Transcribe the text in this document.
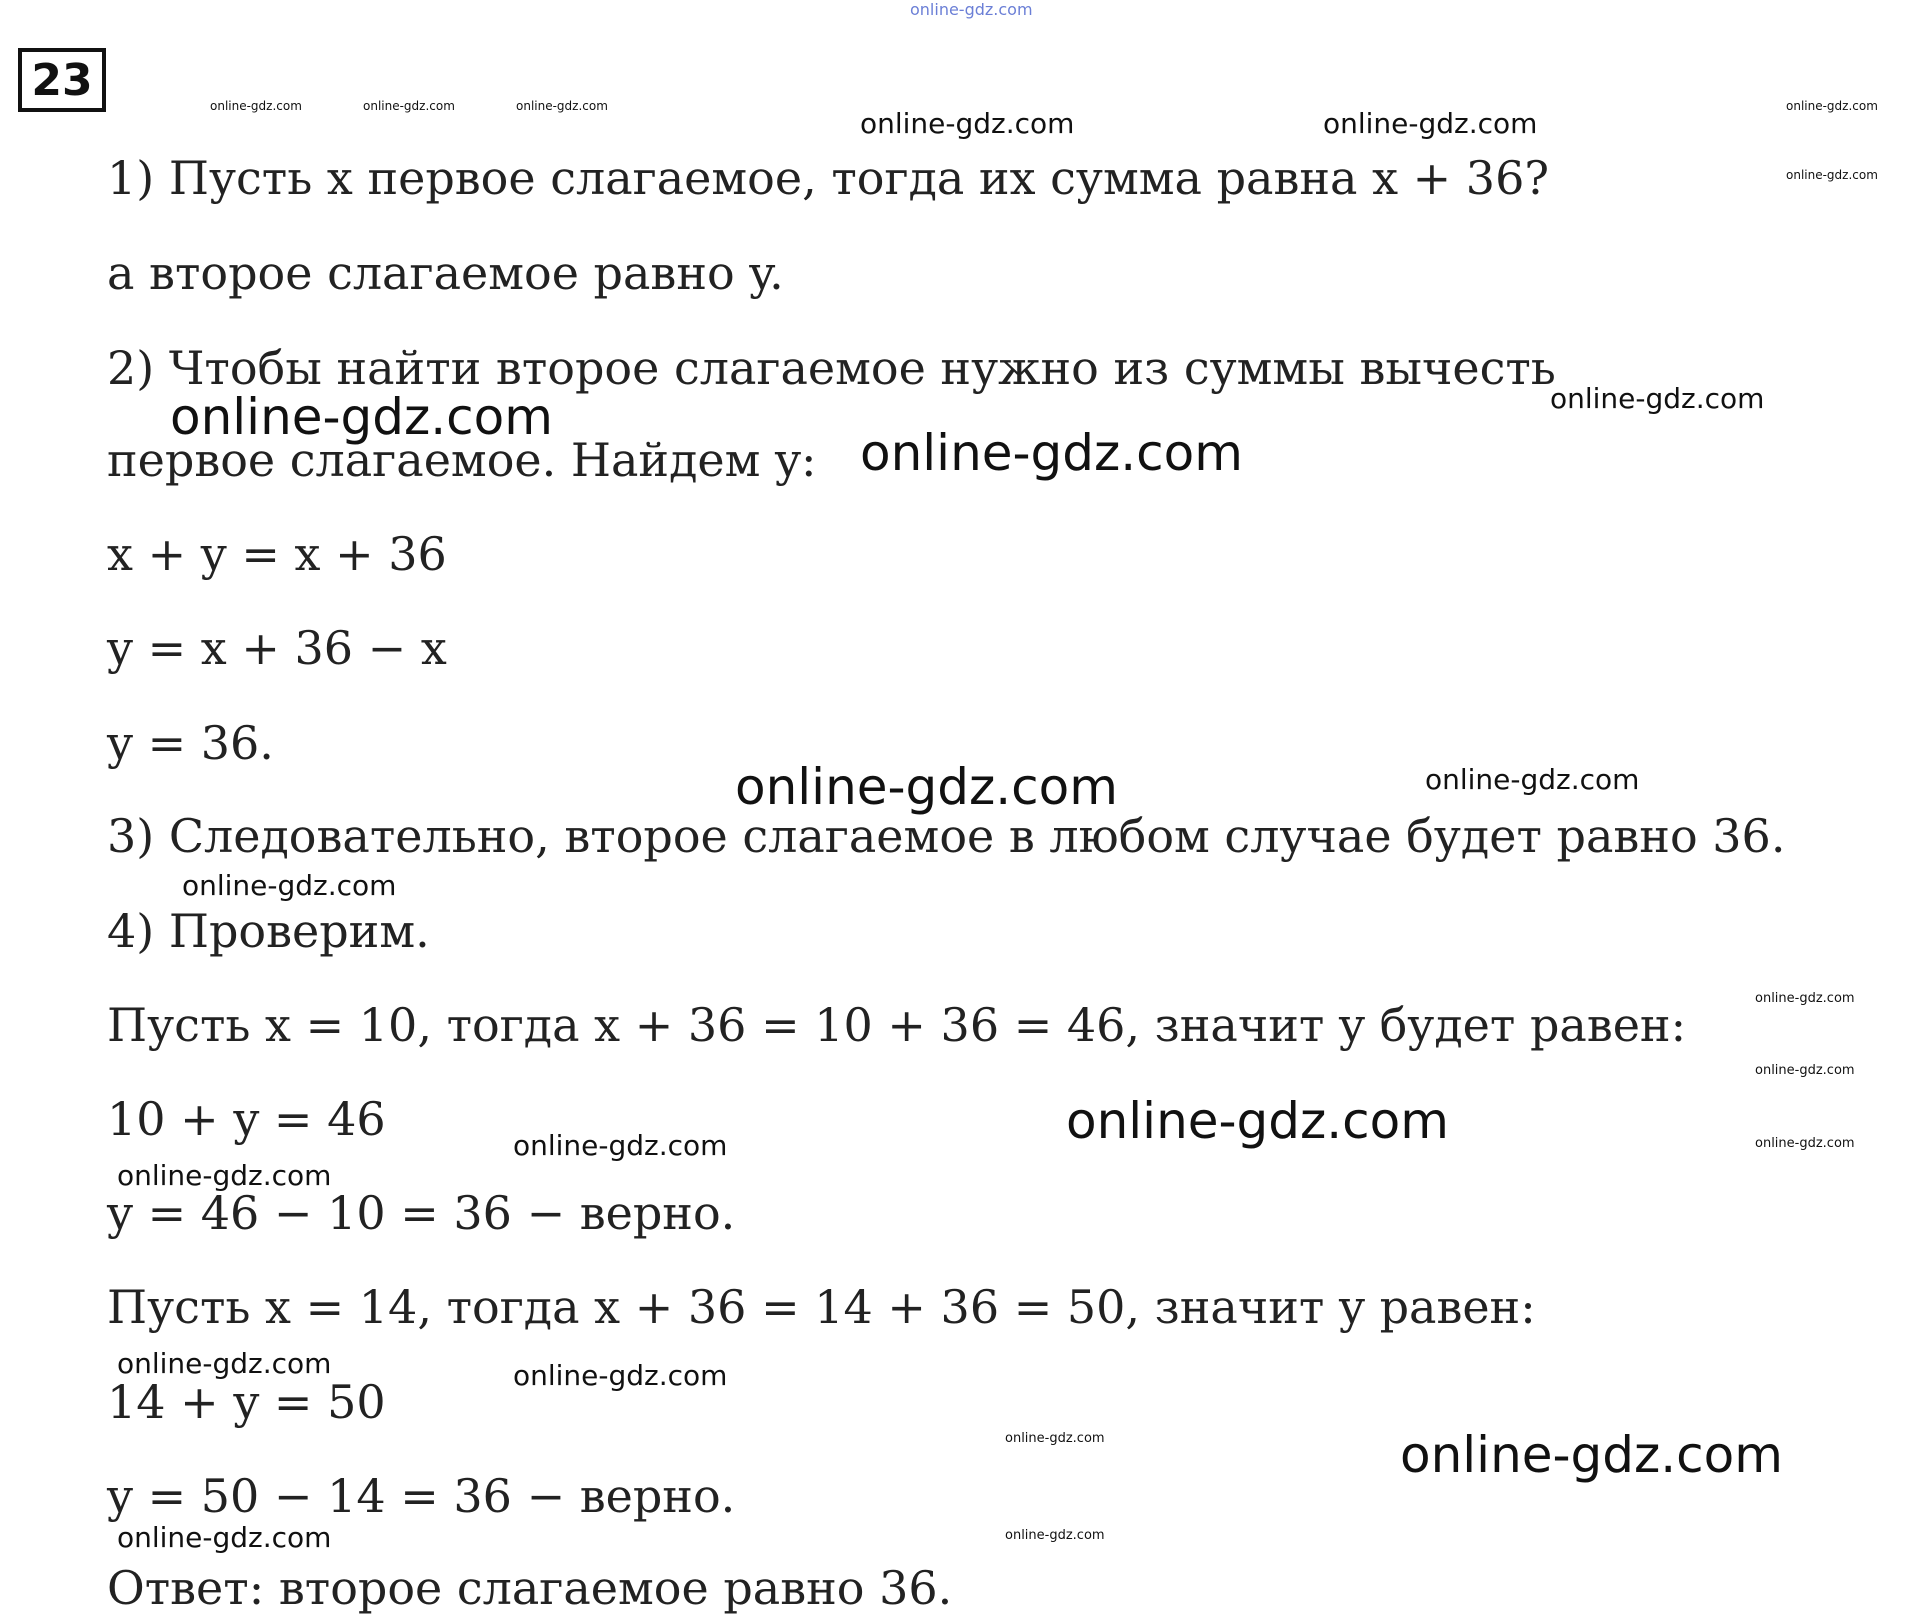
23
1) Пусть x первое слагаемое, тогда их сумма равна x + 36?
а второе слагаемое равно y.
2) Чтобы найти второе слагаемое нужно из суммы вычесть
первое слагаемое. Найдем y:
x + y = x + 36
y = x + 36 − x
y = 36.
3) Следовательно, второе слагаемое в любом случае будет равно 36.
4) Проверим.
Пусть x = 10, тогда x + 36 = 10 + 36 = 46, значит y будет равен:
10 + y = 46
y = 46 − 10 = 36 − верно.
Пусть x = 14, тогда x + 36 = 14 + 36 = 50, значит y равен:
14 + y = 50
y = 50 − 14 = 36 − верно.
Ответ: второе слагаемое равно 36.
online-gdz.com
online-gdz.com	online-gdz.com	online-gdz.com	online-gdz.com
online-gdz.com
online-gdz.com	online-gdz.com
online-gdz.com
online-gdz.com
online-gdz.com
online-gdz.com	online-gdz.com
online-gdz.com
online-gdz.com
online-gdz.com
online-gdz.com
online-gdz.com
online-gdz.com
online-gdz.com
online-gdz.com	online-gdz.com
online-gdz.com	online-gdz.com
online-gdz.com	online-gdz.com
